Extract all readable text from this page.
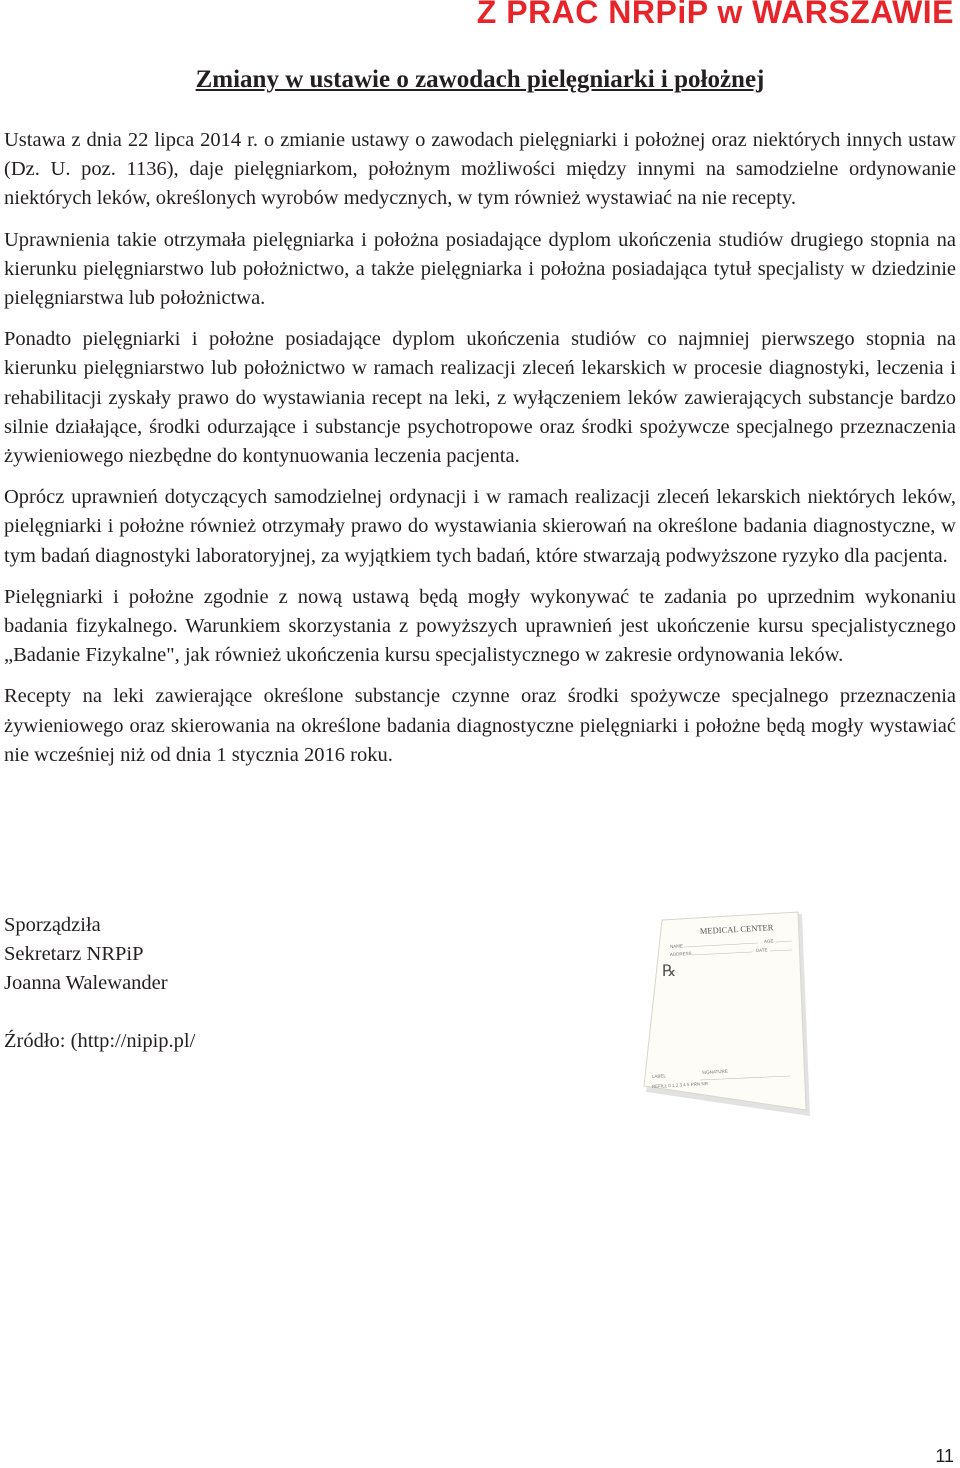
Z PRAC NRPiP w WARSZAWIE
Zmiany w ustawie o zawodach pielęgniarki i położnej

Ustawa z dnia 22 lipca 2014 r. o zmianie ustawy o zawodach pielęgniarki i położnej oraz niektórych innych ustaw (Dz. U. poz. 1136), daje pielęgniarkom, położnym możliwości między innymi na samodzielne ordynowanie niektórych leków, określonych wyrobów medycznych, w tym również wystawiać na nie recepty.

Uprawnienia takie otrzymała pielęgniarka i położna posiadające dyplom ukończenia studiów drugiego stopnia na kierunku pielęgniarstwo lub położnictwo, a także pielęgniarka i położna posiadająca tytuł specjalisty w dziedzinie pielęgniarstwa lub położnictwa.

Ponadto pielęgniarki i położne posiadające dyplom ukończenia studiów co najmniej pierwszego stopnia na kierunku pielęgniarstwo lub położnictwo w ramach realizacji zleceń lekarskich w procesie diagnostyki, leczenia i rehabilitacji zyskały prawo do wystawiania recept na leki, z wyłączeniem leków zawierających substancje bardzo silnie działające, środki odurzające i substancje psychotropowe oraz środki spożywcze specjalnego przeznaczenia żywieniowego niezbędne do kontynuowania leczenia pacjenta.

Oprócz uprawnień dotyczących samodzielnej ordynacji i w ramach realizacji zleceń lekarskich niektórych leków, pielęgniarki i położne również otrzymały prawo do wystawiania skierowań na określone badania diagnostyczne, w tym badań diagnostyki laboratoryjnej, za wyjątkiem tych badań, które stwarzają podwyższone ryzyko dla pacjenta.

Pielęgniarki i położne zgodnie z nową ustawą będą mogły wykonywać te zadania po uprzednim wykonaniu badania fizykalnego. Warunkiem skorzystania z powyższych uprawnień jest ukończenie kursu specjalistycznego „Badanie Fizykalne", jak również ukończenia kursu specjalistycznego w zakresie ordynowania leków.

Recepty na leki zawierające określone substancje czynne oraz środki spożywcze specjalnego przeznaczenia żywieniowego oraz skierowania na określone badania diagnostyczne pielęgniarki i położne będą mogły wystawiać nie wcześniej niż od dnia 1 stycznia 2016 roku.

Sporządziła
Sekretarz NRPiP
Joanna Walewander
Źródło: (http://nipip.pl/
MEDICAL CENTER
NAME
AGE
ADDRESS
DATE
℞
LABEL
SIGNATURE
REFILL 0 1 2 3 4 5 PRN NR
11
